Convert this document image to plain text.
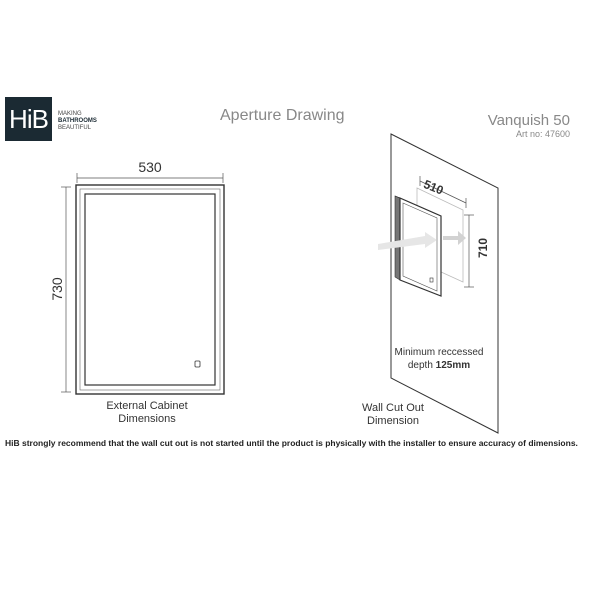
HiB MAKING
BATHROOMS
BEAUTIFUL
Aperture Drawing	Vanquish 50
Art no: 47600
530
730
510
710
External Cabinet
Dimensions
Minimum reccessed
depth 125mm
Wall Cut Out
Dimension
HiB strongly recommend that the wall cut out is not started until the product is physically with the installer to ensure accuracy of dimensions.
